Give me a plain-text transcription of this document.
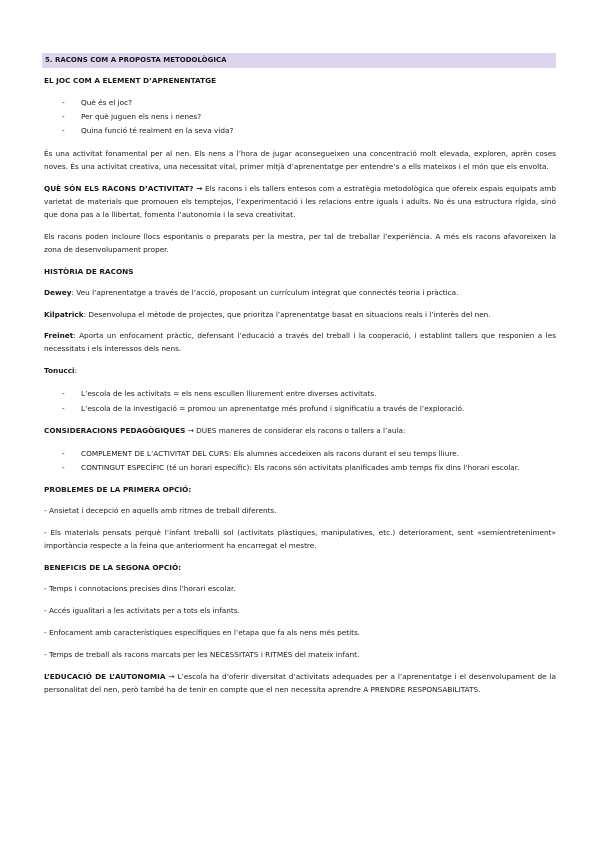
5. RACONS COM A PROPOSTA METODOLÒGICA
EL JOC COM A ELEMENT D’APRENENTATGE
- Què és el joc?
- Per què juguen els nens i nenes?
- Quina funció té realment en la seva vida?

És una activitat fonamental per al nen. Els nens a l’hora de jugar aconsegueixen una concentració molt elevada, exploren, aprèn coses noves. És una activitat creativa, una necessitat vital, primer mitjà d’aprenentatge per entendre’s a ells mateixos i el món que els envolta.

QUÈ SÓN ELS RACONS D’ACTIVITAT? → Els racons i els tallers entesos com a estratègia metodològica que ofereix espais equipats amb varietat de materials que promouen els temptejos, l’experimentació i les relacions entre iguals i adults. No és una estructura rígida, sinó que dona pas a la llibertat, fomenta l’autonomia i la seva creativitat.

Els racons poden incloure llocs espontanis o preparats per la mestra, per tal de treballar l’experiència. A més els racons afavoreixen la zona de desenvolupament proper.

HISTÒRIA DE RACONS

Dewey: Veu l’aprenentatge a través de l’acció, proposant un currículum integrat que connectés teoria i pràctica.

Kilpatrick: Desenvolupa el mètode de projectes, que prioritza l’aprenentatge basat en situacions reals i l’interès del nen.

Freinet: Aporta un enfocament pràctic, defensant l’educació a través del treball i la cooperació, i establint tallers que responien a les necessitats i els interessos dels nens.

Tonucci:

- L’escola de les activitats = els nens escullen lliurement entre diverses activitats.
- L’escola de la investigació = promou un aprenentatge més profund i significatiu a través de l’exploració.

CONSIDERACIONS PEDAGÒGIQUES → DUES maneres de considerar els racons o tallers a l’aula:

- COMPLEMENT DE L’ACTIVITAT DEL CURS: Els alumnes accedeixen als racons durant el seu temps lliure.
- CONTINGUT ESPECÍFIC (té un horari específic): Els racons són activitats planificades amb temps fix dins l’horari escolar.
PROBLEMES DE LA PRIMERA OPCIÓ:

- Ansietat i decepció en aquells amb ritmes de treball diferents.

- Els materials pensats perquè l’infant treballi sol (activitats plàstiques, manipulatives, etc.) deteriorament, sent «semientreteniment» importància respecte a la feina que anteriorment ha encarregat el mestre.

BENEFICIS DE LA SEGONA OPCIÓ:

- Temps i connotacions precises dins l’horari escolar.

- Accés igualitari a les activitats per a tots els infants.

- Enfocament amb característiques específiques en l’etapa que fa als nens més petits.

- Temps de treball als racons marcats per les NECESSITATS i RITMES del mateix infant.

L’EDUCACIÓ DE L’AUTONOMIA → L’escola ha d’oferir diversitat d’activitats adequades per a l’aprenentatge i el desenvolupament de la personalitat del nen, però també ha de tenir en compte que el nen necessita aprendre A PRENDRE RESPONSABILITATS.
